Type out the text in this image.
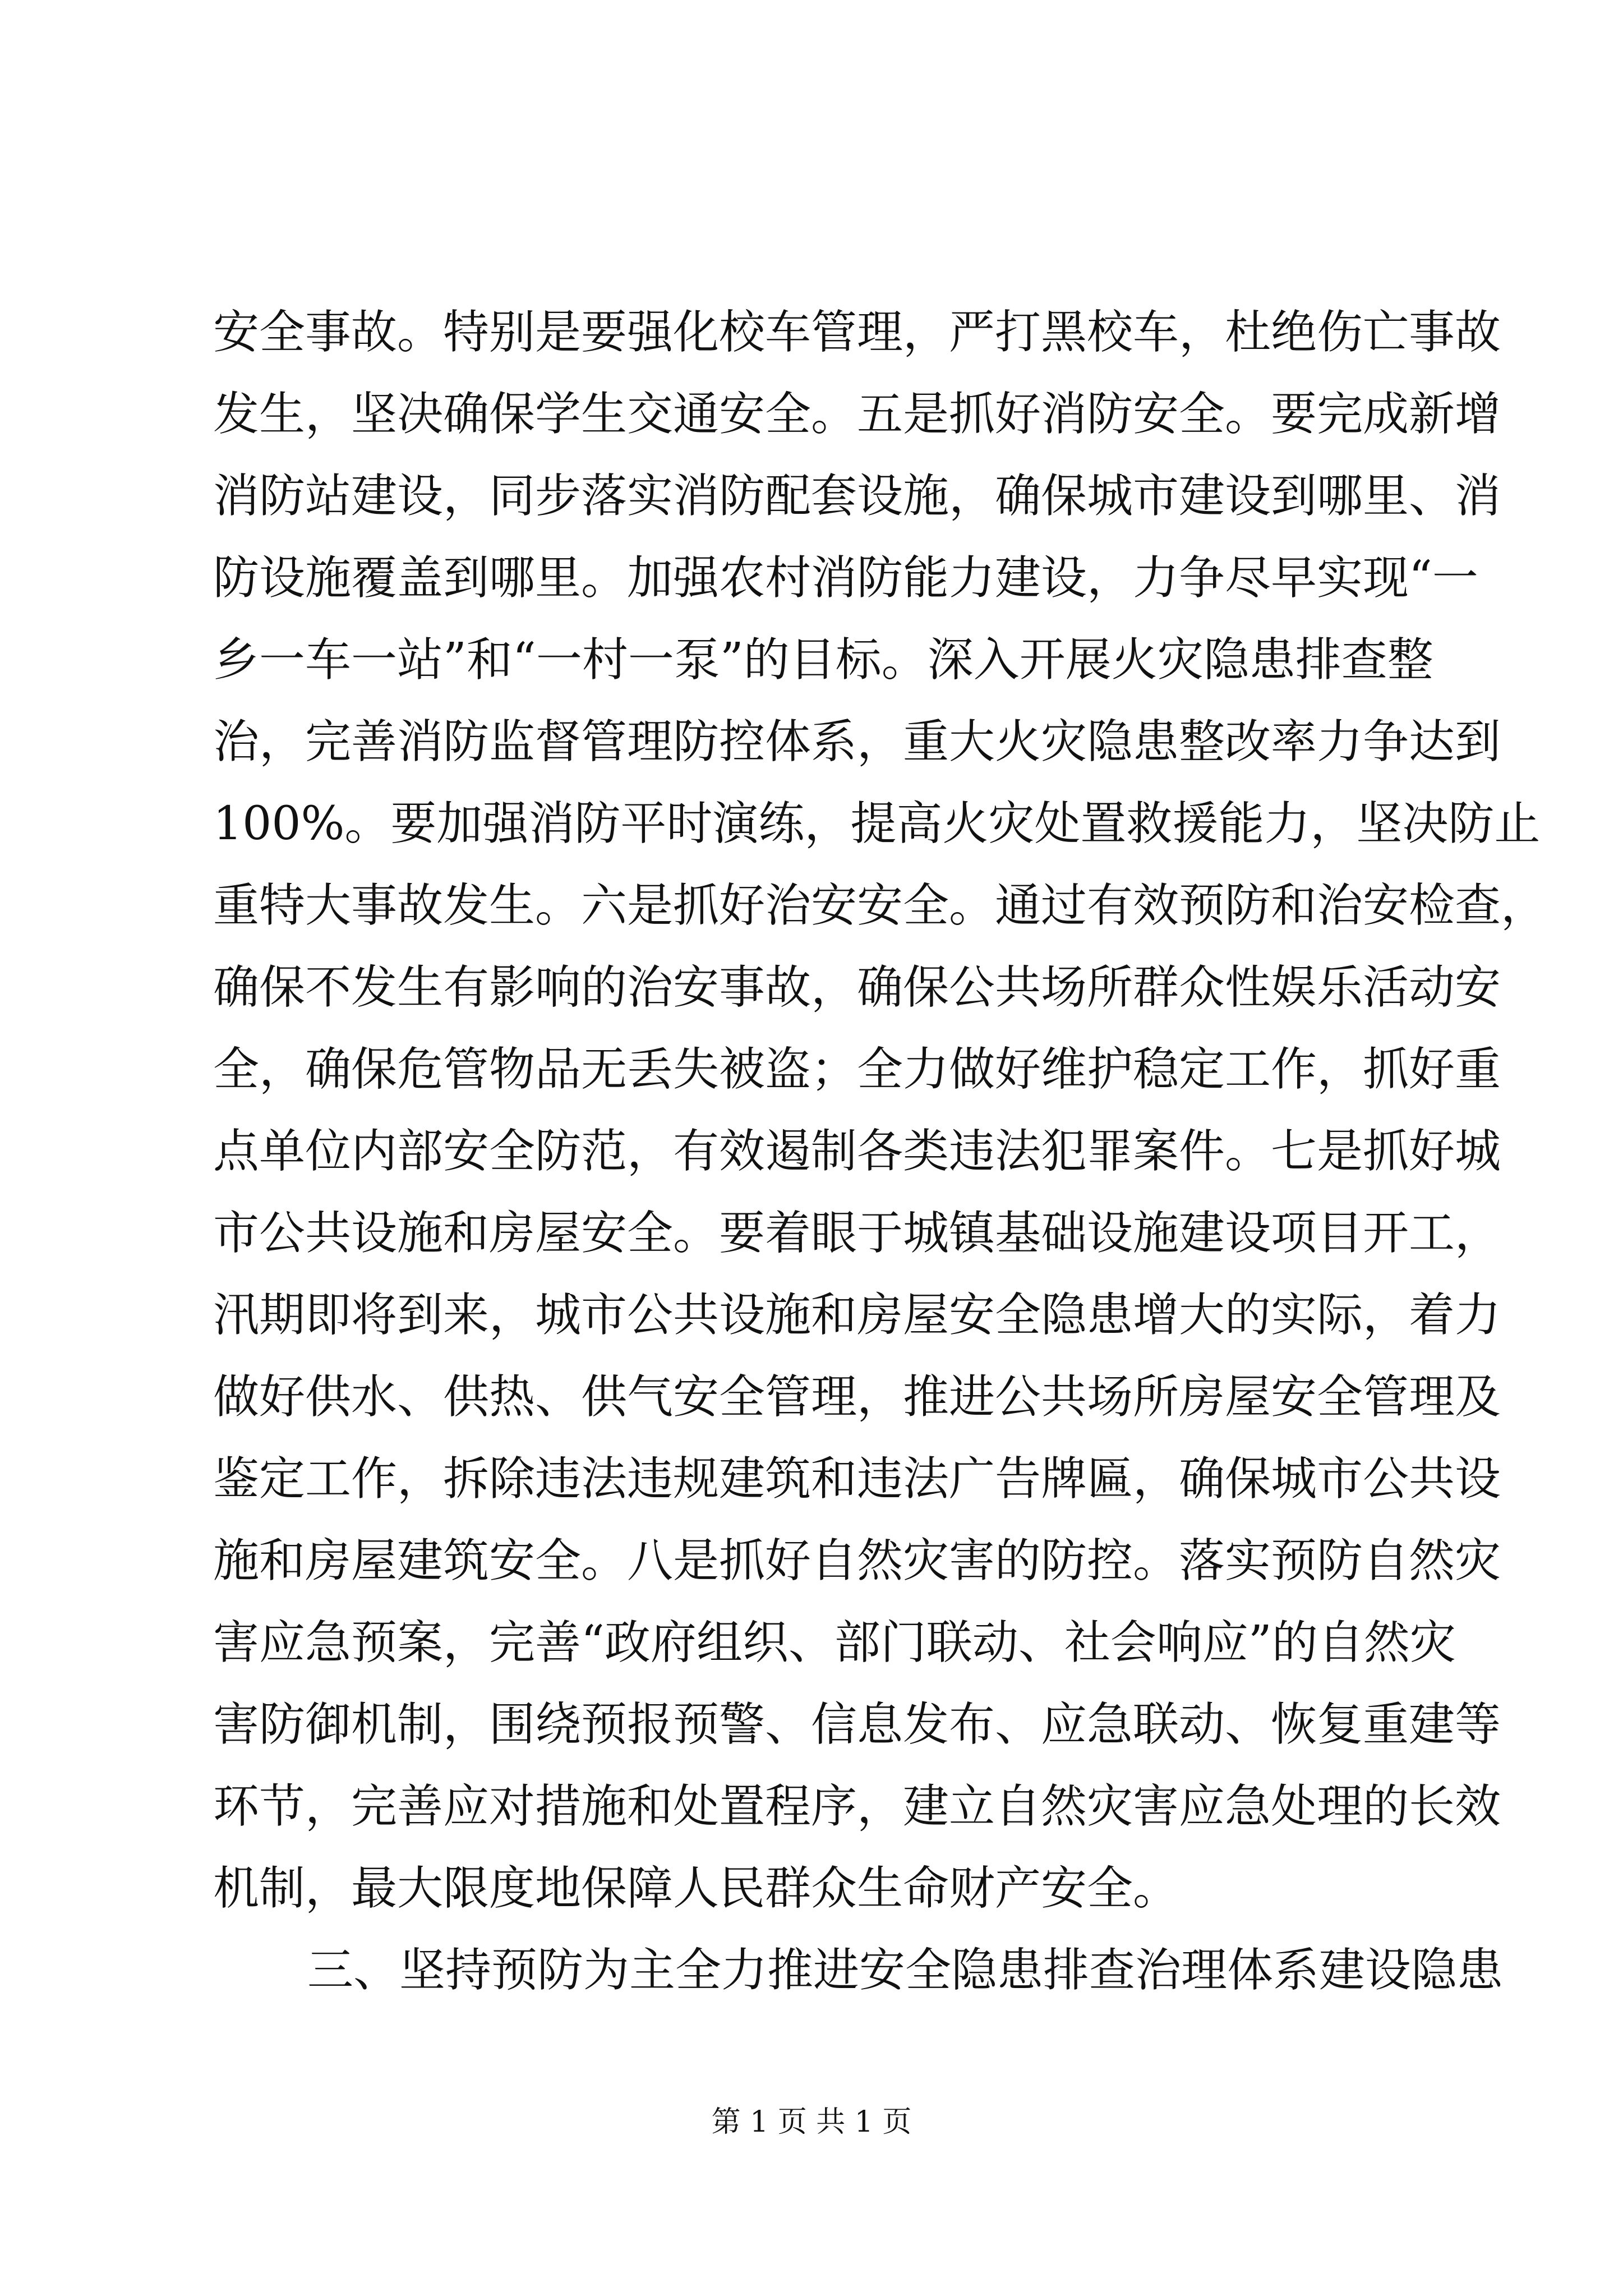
安全事故。特别是要强化校车管理，严打黑校车，杜绝伤亡事故
发生，坚决确保学生交通安全。五是抓好消防安全。要完成新增
消防站建设，同步落实消防配套设施，确保城市建设到哪里、消
防设施覆盖到哪里。加强农村消防能力建设，力争尽早实现“一
乡一车一站”和“一村一泵”的目标。深入开展火灾隐患排查整
治，完善消防监督管理防控体系，重大火灾隐患整改率力争达到
100%。要加强消防平时演练，提高火灾处置救援能力，坚决防止
重特大事故发生。六是抓好治安安全。通过有效预防和治安检查，
确保不发生有影响的治安事故，确保公共场所群众性娱乐活动安
全，确保危管物品无丢失被盗；全力做好维护稳定工作，抓好重
点单位内部安全防范，有效遏制各类违法犯罪案件。七是抓好城
市公共设施和房屋安全。要着眼于城镇基础设施建设项目开工，
汛期即将到来，城市公共设施和房屋安全隐患增大的实际，着力
做好供水、供热、供气安全管理，推进公共场所房屋安全管理及
鉴定工作，拆除违法违规建筑和违法广告牌匾，确保城市公共设
施和房屋建筑安全。八是抓好自然灾害的防控。落实预防自然灾
害应急预案，完善“政府组织、部门联动、社会响应”的自然灾
害防御机制，围绕预报预警、信息发布、应急联动、恢复重建等
环节，完善应对措施和处置程序，建立自然灾害应急处理的长效
机制，最大限度地保障人民群众生命财产安全。
三、坚持预防为主全力推进安全隐患排查治理体系建设隐患
第 1 页 共 1 页
